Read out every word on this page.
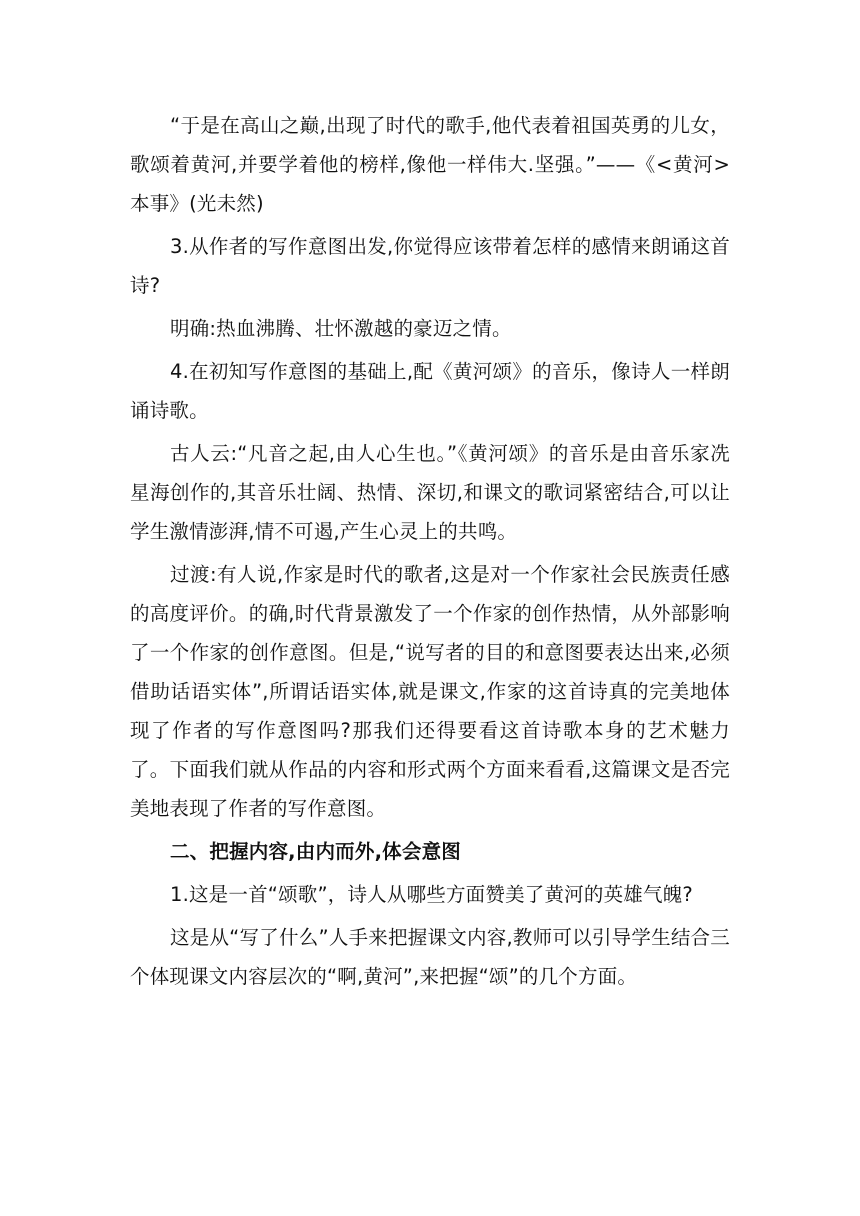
“于是在高山之巅,出现了时代的歌手,他代表着祖国英勇的儿女，歌颂着黄河,并要学着他的榜样,像他一样伟大.坚强。”——《<黄河>本事》(光未然)

3.从作者的写作意图出发,你觉得应该带着怎样的感情来朗诵这首诗?

明确:热血沸腾、壮怀激越的豪迈之情。

4.在初知写作意图的基础上,配《黄河颂》的音乐，像诗人一样朗诵诗歌。

古人云:“凡音之起,由人心生也。”《黄河颂》的音乐是由音乐家冼星海创作的,其音乐壮阔、热情、深切,和课文的歌词紧密结合,可以让学生激情澎湃,情不可遏,产生心灵上的共鸣。

过渡:有人说,作家是时代的歌者,这是对一个作家社会民族责任感的高度评价。的确,时代背景激发了一个作家的创作热情，从外部影响了一个作家的创作意图。但是,“说写者的目的和意图要表达出来,必须借助话语实体”,所谓话语实体,就是课文,作家的这首诗真的完美地体现了作者的写作意图吗?那我们还得要看这首诗歌本身的艺术魅力了。下面我们就从作品的内容和形式两个方面来看看,这篇课文是否完美地表现了作者的写作意图。

二、把握内容,由内而外,体会意图

1.这是一首“颂歌”，诗人从哪些方面赞美了黄河的英雄气魄?

这是从“写了什么”人手来把握课文内容,教师可以引导学生结合三个体现课文内容层次的“啊,黄河”,来把握“颂”的几个方面。
